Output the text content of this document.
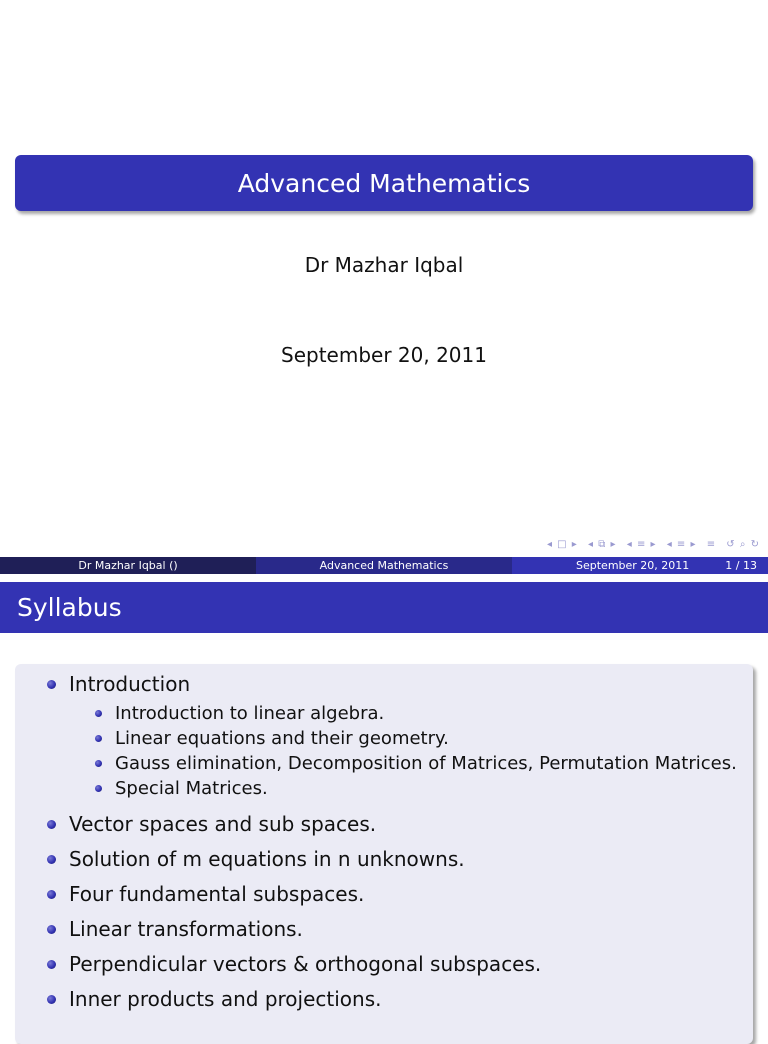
Advanced Mathematics
Dr Mazhar Iqbal
September 20, 2011
◂ □ ▸ ◂ ⧉ ▸ ◂ ≡ ▸ ◂ ≡ ▸ ≡ ↺ ⌕ ↻
Dr Mazhar Iqbal ()	Advanced Mathematics	September 20, 2011	1 / 13
Syllabus
Introduction
Introduction to linear algebra.
Linear equations and their geometry.
Gauss elimination, Decomposition of Matrices, Permutation Matrices.
Special Matrices.
Vector spaces and sub spaces.
Solution of m equations in n unknowns.
Four fundamental subspaces.
Linear transformations.
Perpendicular vectors & orthogonal subspaces.
Inner products and projections.
